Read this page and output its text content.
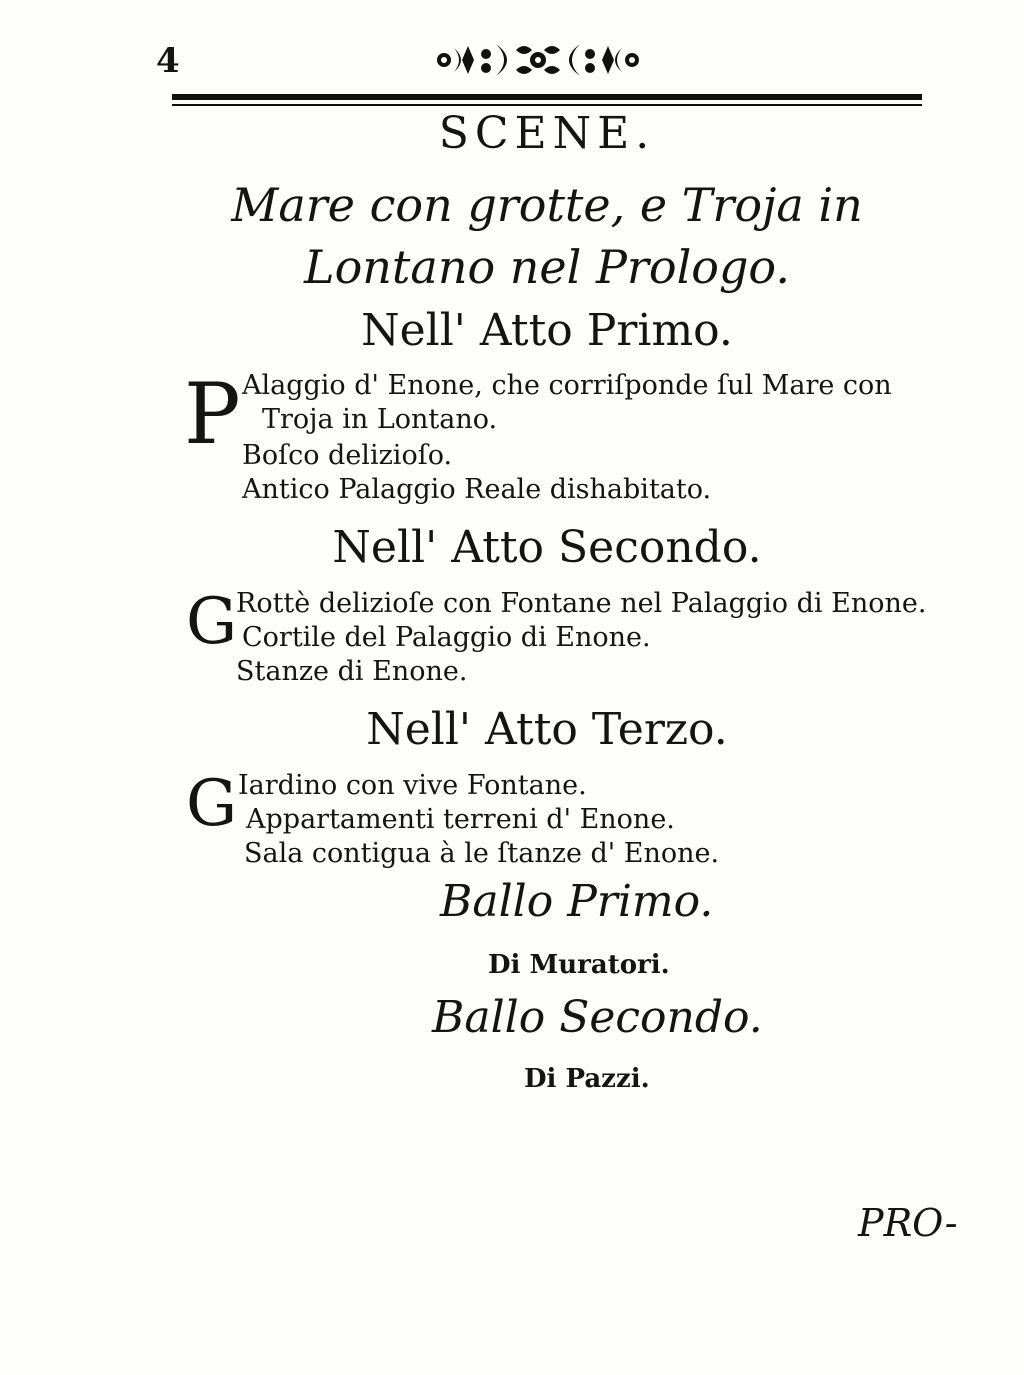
4
SCENE.
Mare con grotte, e Troja in Lontano nel Prologo.
Nell' Atto Primo.
P Alaggio d' Enone, che corriſponde ſul Mare con
Troja in Lontano.
Boſco delizioſo.
Antico Palaggio Reale dishabitato.
Nell' Atto Secondo.
G
Rottè delizioſe con Fontane nel Palaggio di Enone.
Cortile del Palaggio di Enone.
Stanze di Enone.
Nell' Atto Terzo.
G Iardino con vive Fontane.
Appartamenti terreni d' Enone.
Sala contigua à le ſtanze d' Enone.
Ballo Primo.
Di Muratori.
Ballo Secondo.
Di Pazzi.
PRO-
